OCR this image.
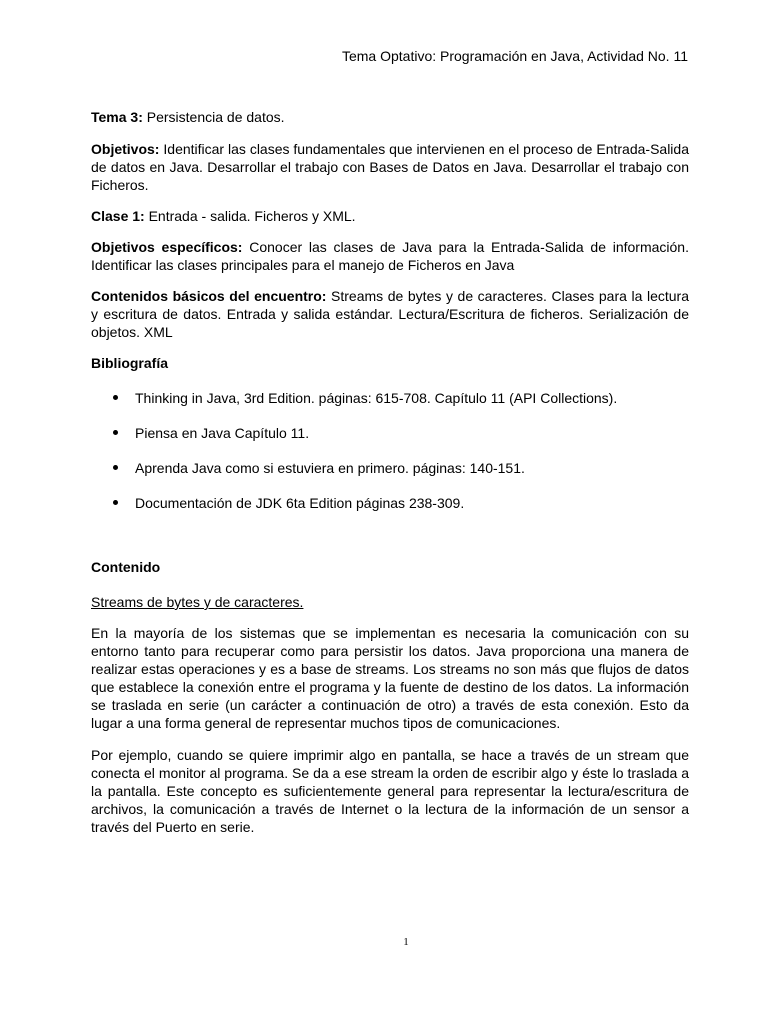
Tema Optativo: Programación en Java, Actividad No. 11

Tema 3: Persistencia de datos.

Objetivos: Identificar las clases fundamentales que intervienen en el proceso de Entrada-Salida de datos en Java. Desarrollar el trabajo con Bases de Datos en Java. Desarrollar el trabajo con Ficheros.

Clase 1: Entrada - salida. Ficheros y XML.

Objetivos específicos: Conocer las clases de Java para la Entrada-Salida de información. Identificar las clases principales para el manejo de Ficheros en Java

Contenidos básicos del encuentro: Streams de bytes y de caracteres. Clases para la lectura y escritura de datos. Entrada y salida estándar. Lectura/Escritura de ficheros. Serialización de objetos. XML

Bibliografía

Thinking in Java, 3rd Edition. páginas: 615-708. Capítulo 11 (API Collections).
Piensa en Java Capítulo 11.
Aprenda Java como si estuviera en primero. páginas: 140-151.
Documentación de JDK 6ta Edition páginas 238-309.

Contenido

Streams de bytes y de caracteres.

En la mayoría de los sistemas que se implementan es necesaria la comunicación con su entorno tanto para recuperar como para persistir los datos. Java proporciona una manera de realizar estas operaciones y es a base de streams. Los streams no son más que flujos de datos que establece la conexión entre el programa y la fuente de destino de los datos. La información se traslada en serie (un carácter a continuación de otro) a través de esta conexión. Esto da lugar a una forma general de representar muchos tipos de comunicaciones.

Por ejemplo, cuando se quiere imprimir algo en pantalla, se hace a través de un stream que conecta el monitor al programa. Se da a ese stream la orden de escribir algo y éste lo traslada a la pantalla. Este concepto es suficientemente general para representar la lectura/escritura de archivos, la comunicación a través de Internet o la lectura de la información de un sensor a través del Puerto en serie.

1
